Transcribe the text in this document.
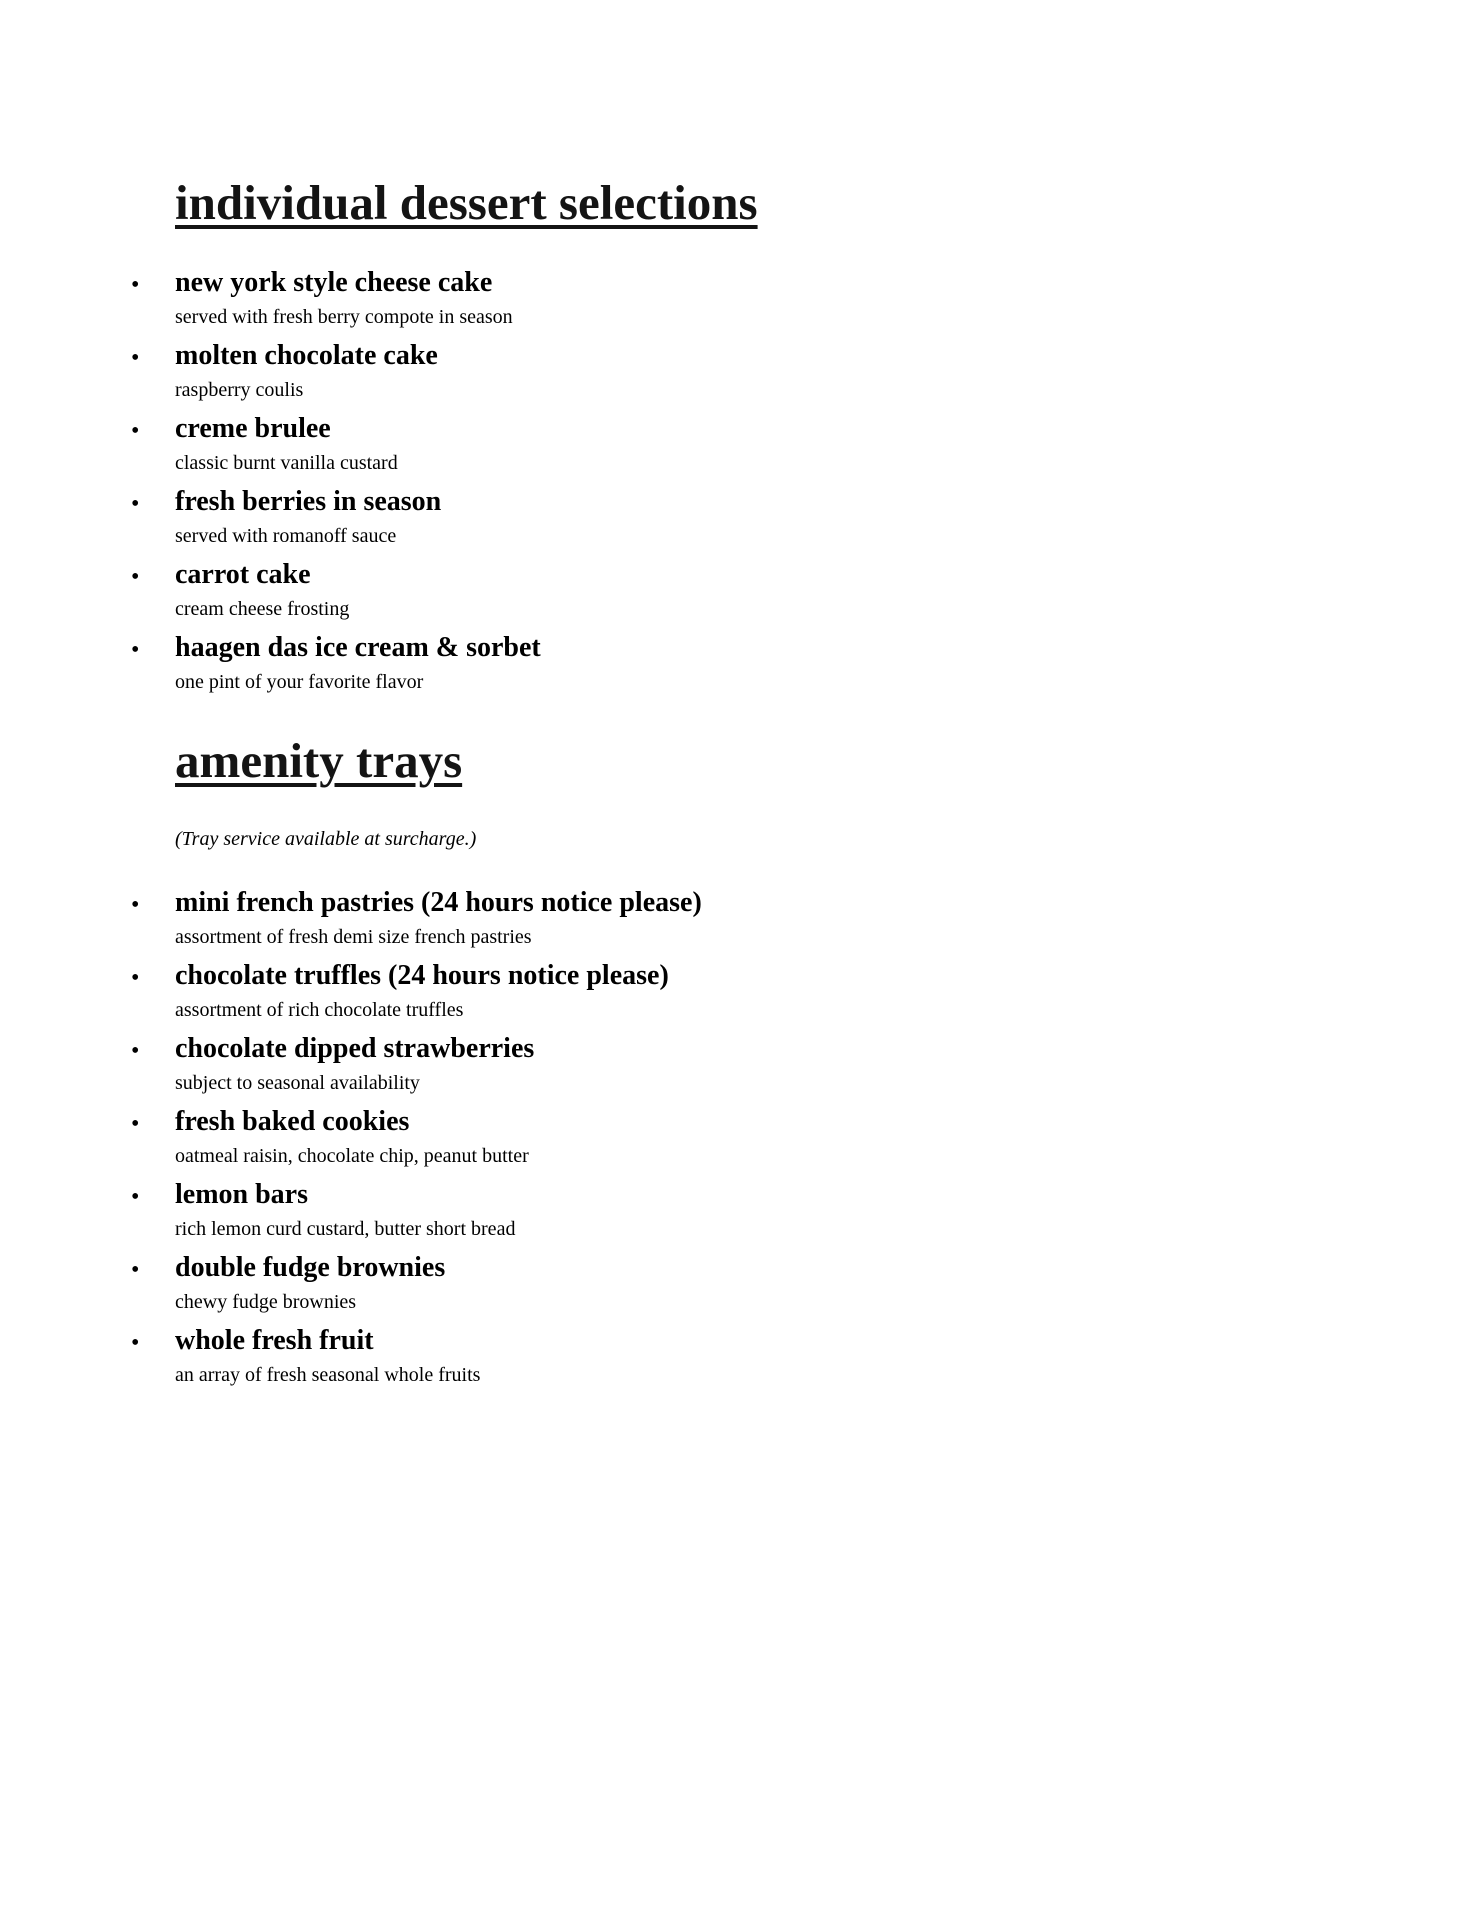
individual dessert selections
• new york style cheese cake
served with fresh berry compote in season
• molten chocolate cake
raspberry coulis
• creme brulee
classic burnt vanilla custard
• fresh berries in season
served with romanoff sauce
• carrot cake
cream cheese frosting
• haagen das ice cream & sorbet
one pint of your favorite flavor
amenity trays

(Tray service available at surcharge.)

• mini french pastries (24 hours notice please)
assortment of fresh demi size french pastries
• chocolate truffles (24 hours notice please)
assortment of rich chocolate truffles
• chocolate dipped strawberries
subject to seasonal availability
• fresh baked cookies
oatmeal raisin, chocolate chip, peanut butter
• lemon bars
rich lemon curd custard, butter short bread
• double fudge brownies
chewy fudge brownies
• whole fresh fruit
an array of fresh seasonal whole fruits
